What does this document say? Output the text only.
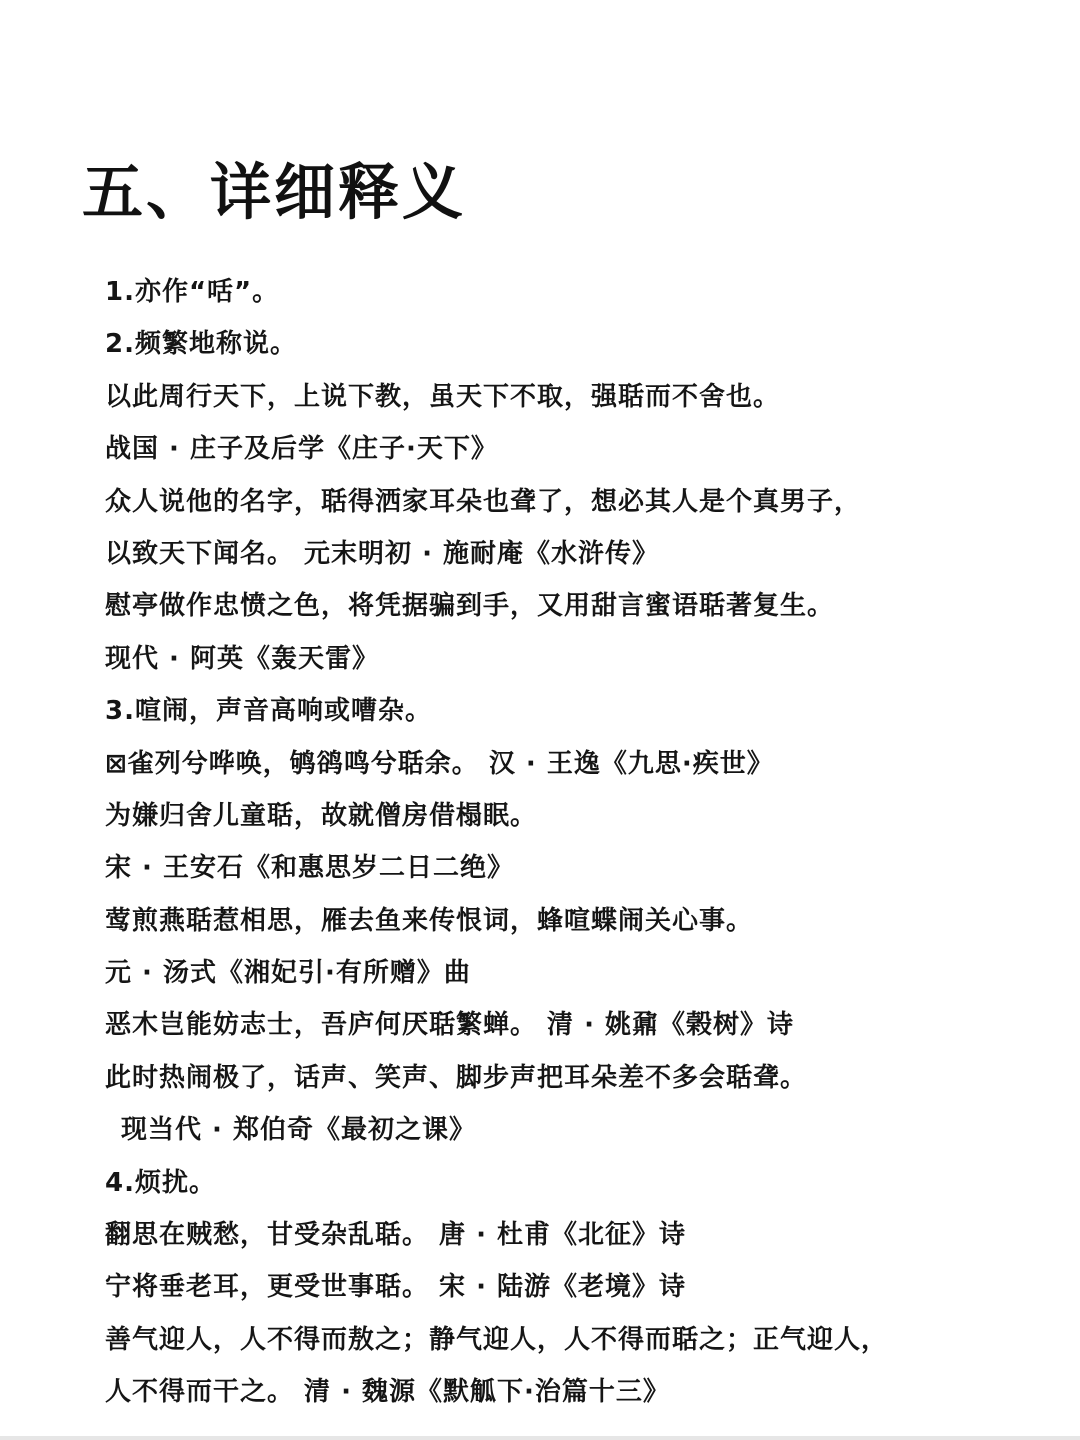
五、详细释义
1.亦作“咶”。
2.频繁地称说。
以此周行天下，上说下教，虽天下不取，强聒而不舍也。
战国 · 庄子及后学《庄子·天下》
众人说他的名字，聒得洒家耳朵也聋了，想必其人是个真男子，
以致天下闻名。 元末明初 · 施耐庵《水浒传》
慰亭做作忠愤之色，将凭据骗到手，又用甜言蜜语聒著复生。
现代 · 阿英《轰天雷》
3.喧闹，声音高响或嘈杂。
⊠雀列兮哗唤，鸲鹆鸣兮聒余。 汉 · 王逸《九思·疾世》
为嫌归舍儿童聒，故就僧房借榻眠。
宋 · 王安石《和惠思岁二日二绝》
莺煎燕聒惹相思，雁去鱼来传恨词，蜂喧蝶闹关心事。
元 · 汤式《湘妃引·有所赠》曲
恶木岂能妨志士，吾庐何厌聒繁蝉。 清 · 姚鼐《榖树》诗
此时热闹极了，话声、笑声、脚步声把耳朵差不多会聒聋。
现当代 · 郑伯奇《最初之课》
4.烦扰。
翻思在贼愁，甘受杂乱聒。 唐 · 杜甫《北征》诗
宁将垂老耳，更受世事聒。 宋 · 陆游《老境》诗
善气迎人，人不得而敖之；静气迎人，人不得而聒之；正气迎人，
人不得而干之。 清 · 魏源《默觚下·治篇十三》
